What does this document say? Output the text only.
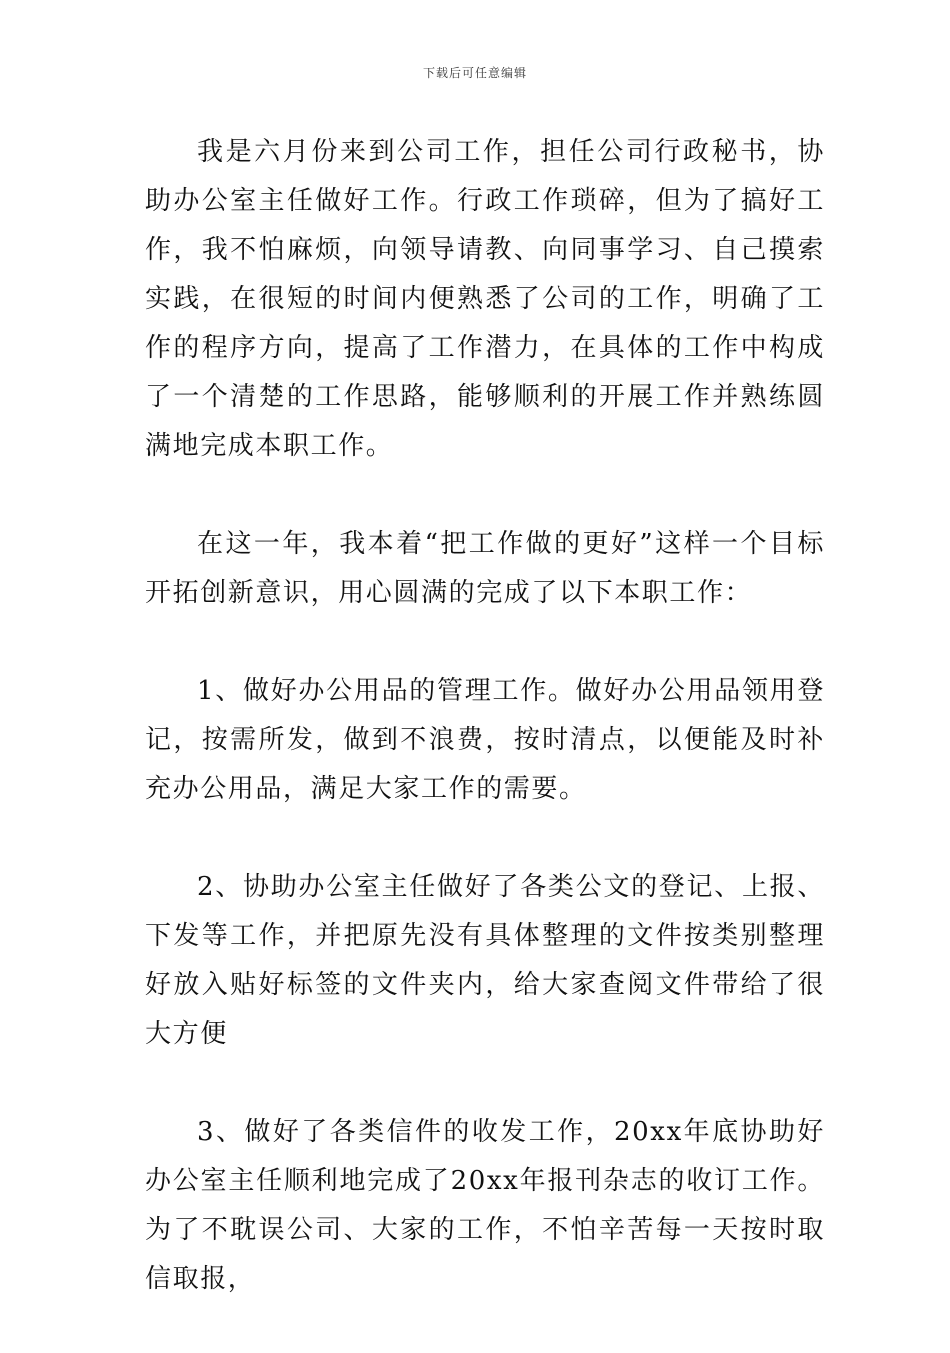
下载后可任意编辑

我是六月份来到公司工作，担任公司行政秘书，协助办公室主任做好工作。行政工作琐碎，但为了搞好工作，我不怕麻烦，向领导请教、向同事学习、自己摸索实践，在很短的时间内便熟悉了公司的工作，明确了工作的程序方向，提高了工作潜力，在具体的工作中构成了一个清楚的工作思路，能够顺利的开展工作并熟练圆满地完成本职工作。

在这一年，我本着“把工作做的更好”这样一个目标开拓创新意识，用心圆满的完成了以下本职工作：

1、做好办公用品的管理工作。做好办公用品领用登记，按需所发，做到不浪费，按时清点，以便能及时补充办公用品，满足大家工作的需要。

2、协助办公室主任做好了各类公文的登记、上报、下发等工作，并把原先没有具体整理的文件按类别整理好放入贴好标签的文件夹内，给大家查阅文件带给了很大方便

3、做好了各类信件的收发工作，20xx年底协助好办公室主任顺利地完成了20xx年报刊杂志的收订工作。为了不耽误公司、大家的工作，不怕辛苦每一天按时取信取报，
